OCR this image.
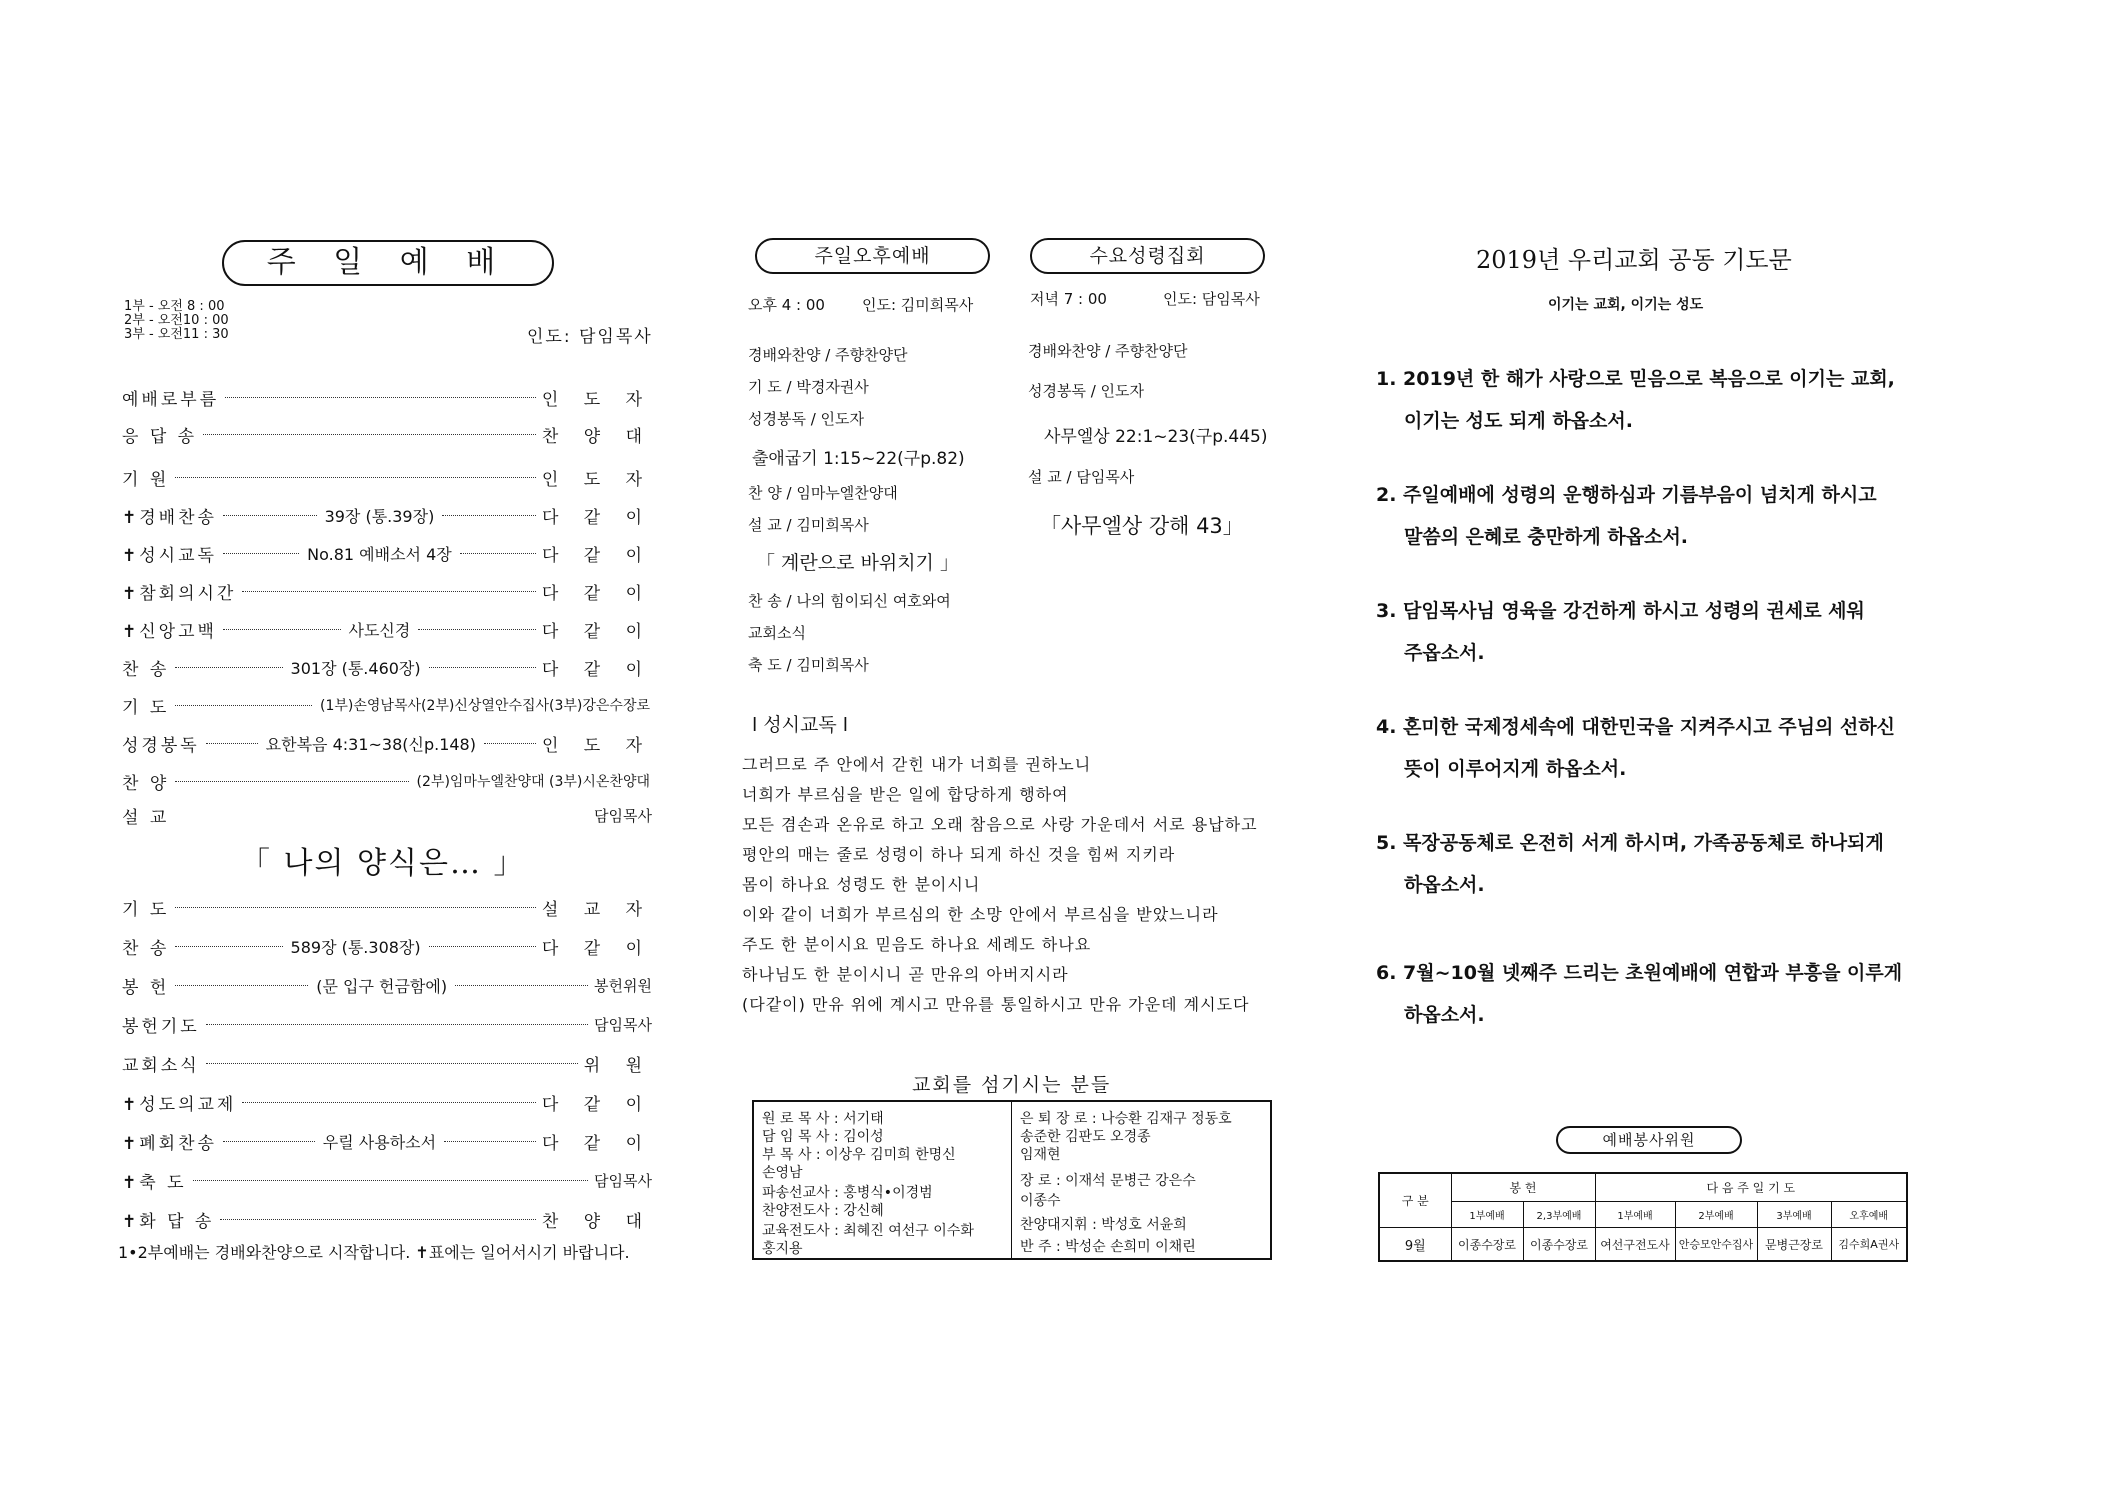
주 일 예 배
1부 - 오전 8 : 00
2부 - 오전10 : 00
3부 - 오전11 : 30	인도: 담임목사
예배로부름	인 도 자
응 답 송	찬 양 대
기 원	인 도 자
✝경배찬송	39장 (통.39장)	다 같 이
✝성시교독	No.81 예배소서 4장	다 같 이
✝참회의시간	다 같 이
✝신앙고백	사도신경	다 같 이
찬 송	301장 (통.460장)	다 같 이
기 도	(1부)손영남목사(2부)신상열안수집사(3부)강은수장로
성경봉독	요한복음 4:31~38(신p.148)	인 도 자
찬 양	(2부)임마누엘찬양대 (3부)시온찬양대
설 교	담임목사
「 나의 양식은… 」
기 도	설 교 자
찬 송	589장 (통.308장)	다 같 이
봉 헌	(문 입구 헌금함에)	봉헌위원
봉헌기도	담임목사
교회소식	위 원
✝성도의교제	다 같 이
✝폐회찬송	우릴 사용하소서	다 같 이
✝축 도	담임목사
✝화 답 송	찬 양 대
1•2부예배는 경배와찬양으로 시작합니다. ✝표에는 일어서시기 바랍니다.
주일오후예배
오후 4 : 00 인도: 김미희목사
경배와찬양 / 주향찬양단
기 도 / 박경자권사
성경봉독 / 인도자
출애굽기 1:15~22(구p.82)
찬 양 / 임마누엘찬양대
설 교 / 김미희목사
「 계란으로 바위치기 」
찬 송 / 나의 힘이되신 여호와여
교회소식
축 도 / 김미희목사
수요성령집회
저녁 7 : 00	인도: 담임목사
경배와찬양 / 주향찬양단
성경봉독 / 인도자
사무엘상 22:1~23(구p.445)
설 교 / 담임목사
「사무엘상 강해 43」
l 성시교독 l
그러므로 주 안에서 갇힌 내가 너희를 권하노니
너희가 부르심을 받은 일에 합당하게 행하여
모든 겸손과 온유로 하고 오래 참음으로 사랑 가운데서 서로 용납하고
평안의 매는 줄로 성령이 하나 되게 하신 것을 힘써 지키라
몸이 하나요 성령도 한 분이시니
이와 같이 너희가 부르심의 한 소망 안에서 부르심을 받았느니라
주도 한 분이시요 믿음도 하나요 세례도 하나요
하나님도 한 분이시니 곧 만유의 아버지시라
(다같이) 만유 위에 계시고 만유를 통일하시고 만유 가운데 계시도다
교회를 섬기시는 분들
원 로 목 사 : 서기태
담 임 목 사 : 김이성
부 목 사 : 이상우 김미희 한명신
손영남
파송선교사 : 홍병식•이경범
찬양전도사 : 강신혜
교육전도사 : 최혜진 여선구 이수화
홍지용
은 퇴 장 로 : 나승환 김재구 정동호
송준한 김판도 오경종
임재현
장 로 : 이재석 문병근 강은수
이종수
찬양대지휘 : 박성호 서윤희
반 주 : 박성순 손희미 이채린
2019년 우리교회 공동 기도문
이기는 교회, 이기는 성도
1. 2019년 한 해가 사랑으로 믿음으로 복음으로 이기는 교회,
이기는 성도 되게 하옵소서.
2. 주일예배에 성령의 운행하심과 기름부음이 넘치게 하시고
말씀의 은혜로 충만하게 하옵소서.
3. 담임목사님 영육을 강건하게 하시고 성령의 권세로 세워
주옵소서.
4. 혼미한 국제정세속에 대한민국을 지켜주시고 주님의 선하신
뜻이 이루어지게 하옵소서.
5. 목장공동체로 온전히 서게 하시며, 가족공동체로 하나되게
하옵소서.
6. 7월~10월 넷째주 드리는 초원예배에 연합과 부흥을 이루게
하옵소서.
예배봉사위원
구 분	봉 헌		다 음 주 일 기 도			
	1부예배	2,3부예배	1부예배	2부예배	3부예배	오후예배
9월	이종수장로	이종수장로	여선구전도사	안승모안수집사	문병근장로	김수희A권사
